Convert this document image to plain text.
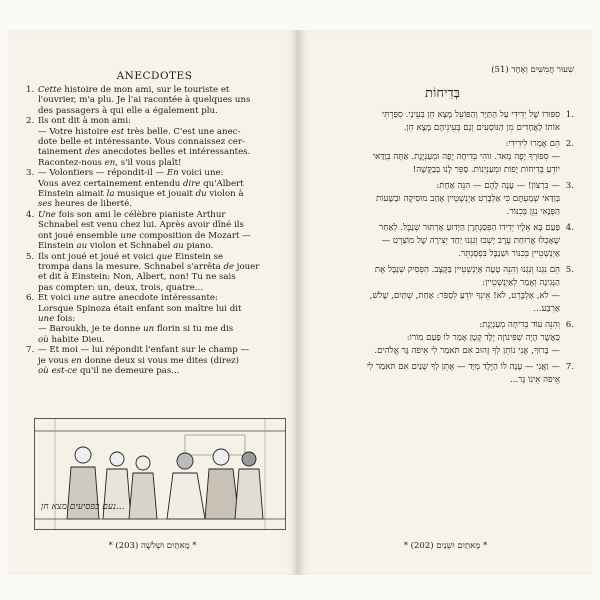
ANECDOTES
1. Cette histoire de mon ami, sur le touriste et
l'ouvrier, m'a plu. Je l'ai racontée à quelques uns
des passagers à qui elle a également plu.
2. Ils ont dit à mon ami:
— Votre histoire est très belle. C'est une anec-
dote belle et intéressante. Vous connaissez cer-
tainement des anecdotes belles et intéressantes.
Racontez-nous en, s'il vous plaît!
3. — Volontiers — répondit-il — En voici une:
Vous avez certainement entendu dire qu'Albert
Einstein aimait la musique et jouait du violon à
ses heures de liberté.
4. Une fois son ami le célèbre pianiste Arthur
Schnabel est venu chez lui. Après avoir dîné ils
ont joué ensemble une composition de Mozart —
Einstein au violon et Schnabel au piano.
5. Ils ont joué et joué et voici que Einstein se
trompa dans la mesure. Schnabel s'arrêta de jouer
et dit à Einstein: Non, Albert, non! Tu ne sais
pas compter: un, deux, trois, quatre...
6. Et voici une autre anecdote intéressante:
Lorsque Spinoza était enfant son maître lui dit
une fois:
— Baroukh, je te donne un florin si tu me dis
où habite Dieu.
7. — Et moi — lui répondit l'enfant sur le champ —
je vous en donne deux si vous me dites (direz)
où est-ce qu'il ne demeure pas...
...נעם בפסיעים מצא חן
* מָאתַיִם וּשְׁלֹשָׁה (203) *
שִׁעוּר חֲמִשִּׁים וְאֶחָד (51)
בְּדִיחוֹת
.1סִפּוּרוֹ שֶׁל יְדִידִי עַל הַתַּיָּר וְהַפּוֹעֵל מָצָא חֵן בְּעֵינַי. סִפַּרְתִּי
אוֹתוֹ לַאֲחָדִים מִן הַנּוֹסְעִים וְגַם בְּעֵינֵיהֶם מָצָא חֵן.
.2הֵם אָמְרוּ לִידִידִי:
— סִפּוּרְךָ יָפֶה מְאֹד. זוֹהִי בְּדִיחָה יָפָה וּמְעַנְיֶנֶת. אַתָּה בְּוַדַּאי
יוֹדֵעַ בְּדִיחוֹת יָפוֹת וּמְעַנְיְנוֹת. סַפֵּר לָנוּ בְּבַקָּשָׁה!
.3— בִּרְצוֹן! — עָנָה לָהֶם — הִנֵּה אַחַת:
בְּוַדַּאי שְׁמַעְתֶּם כִּי אַלְבֶּרְט אַיְנְשְׁטֵיין אָהַב מוּסִיקָה וּבְשָׁעוֹת
הַפְּנָאִי נִגֵּן בְּכִנּוֹר.
.4פַּעַם בָּא אֵלָיו יְדִידוֹ הַפְּסַנְתְּרָן הַיָּדוּעַ אַרְתּוּר שְׁנַבֶּל. לְאַחַר
שֶׁאָכְלוּ אֲרוּחַת עֶרֶב יָשְׁבוּ וְנִגְּנוּ יַחַד יְצִירָה שֶׁל מוֹצַרְט —
אַיְנְשְׁטֵיין בְּכִנּוֹר וּשְׁנַבֶּל בִּפְסַנְתֵּר.
.5הֵם נִגְּנוּ וְנִגְּנוּ וְהִנֵּה טָעָה אַיְנְשְׁטֵיין בַּקֶּצֶב. הִפְסִיק שְׁנַבֶּל אֶת
הַנְּגִינָה וְאָמַר לְאַיְנְשְׁטֵיין:
— לֹא, אַלְבֶּרְט, לֹא! אֵינְךָ יוֹדֵעַ לִסְפֹּר: אַחַת, שְׁתַּיִם, שָׁלֹשׁ,
אַרְבַּע...
.6וְהִנֵּה עוֹד בְּדִיחָה מְעַנְיֶנֶת:
כַּאֲשֶׁר הָיָה שְׁפִּינוֹזָה יֶלֶד קָטָן אָמַר לוֹ פַּעַם מוֹרוֹ:
— בָּרוּךְ, אֲנִי נוֹתֵן לְךָ זָהוּב אִם תֹּאמַר לִי אֵיפֹה גָּר אֱלֹהִים.
.7— וַאֲנִי — עָנָה לוֹ הַיֶּלֶד מִיָּד — אֶתֵּן לְךָ שְׁנַיִם אִם תֹּאמַר לִי
אֵיפֹה אֵינוֹ גָּר...
* מָאתַיִם וּשְׁנַיִם (202) *
